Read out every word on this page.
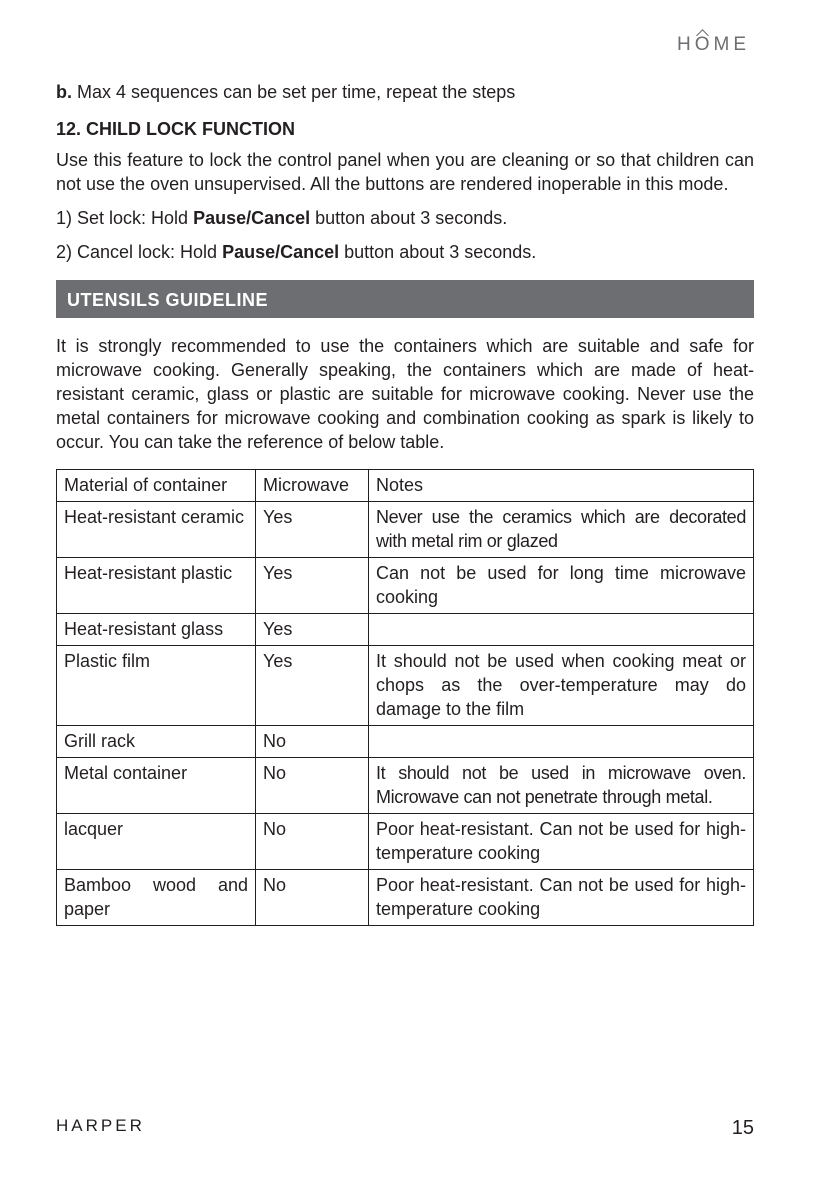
HOME

b. Max 4 sequences can be set per time, repeat the steps

12. CHILD LOCK FUNCTION

Use this feature to lock the control panel when you are cleaning or so that children can not use the oven unsupervised. All the buttons are rendered inoperable in this mode.

1) Set lock: Hold Pause/Cancel button about 3 seconds.
2) Cancel lock: Hold Pause/Cancel button about 3 seconds.
UTENSILS GUIDELINE

It is strongly recommended to use the containers which are suitable and safe for microwave cooking. Generally speaking, the containers which are made of heat-resistant ceramic, glass or plastic are suitable for microwave cooking. Never use the metal containers for microwave cooking and combination cooking as spark is likely to occur. You can take the reference of below table.

Material of container	Microwave	Notes
Heat-resistant ceramic	Yes	Never use the ceramics which are decorated with metal rim or glazed
Heat-resistant plastic	Yes	Can not be used for long time microwave cooking
Heat-resistant glass	Yes	
Plastic film	Yes	It should not be used when cooking meat or chops as the over-temperature may do damage to the film
Grill rack	No	
Metal container	No	It should not be used in microwave oven. Microwave can not penetrate through metal.
lacquer	No	Poor heat-resistant. Can not be used for high-temperature cooking
Bamboo wood and paper	No	Poor heat-resistant. Can not be used for high-temperature cooking
HARPER	15
